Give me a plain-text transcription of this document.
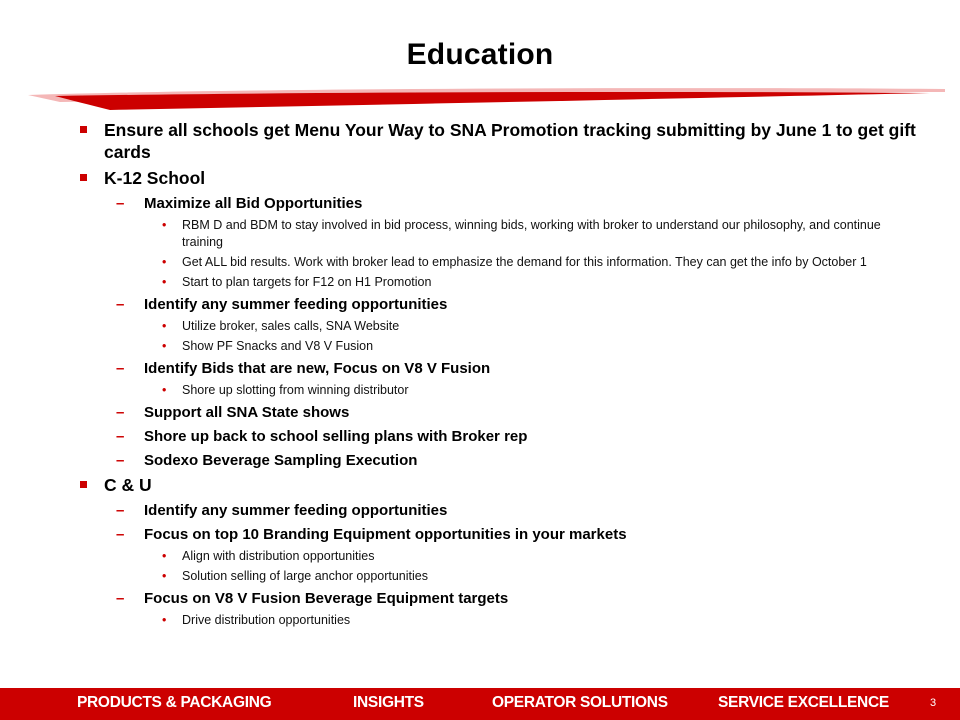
Education
Ensure all schools get Menu Your Way to SNA Promotion tracking submitting by June 1 to get gift cards
K-12 School
– Maximize all Bid Opportunities
• RBM D and BDM to stay involved in bid process, winning bids, working with broker to understand our philosophy, and continue training
• Get ALL bid results. Work with broker lead to emphasize the demand for this information. They can get the info by October 1
• Start to plan targets for F12 on H1 Promotion
– Identify any summer feeding opportunities
• Utilize broker, sales calls, SNA Website
• Show PF Snacks and V8 V Fusion
– Identify Bids that are new, Focus on V8 V Fusion
• Shore up slotting from winning distributor
– Support all SNA State shows
– Shore up back to school selling plans with Broker rep
– Sodexo Beverage Sampling Execution
C & U
– Identify any summer feeding opportunities
– Focus on top 10 Branding Equipment opportunities in your markets
• Align with distribution opportunities
• Solution selling of large anchor opportunities
– Focus on V8 V Fusion Beverage Equipment targets
• Drive distribution opportunities
PRODUCTS & PACKAGING	INSIGHTS	OPERATOR SOLUTIONS	SERVICE EXCELLENCE	3
